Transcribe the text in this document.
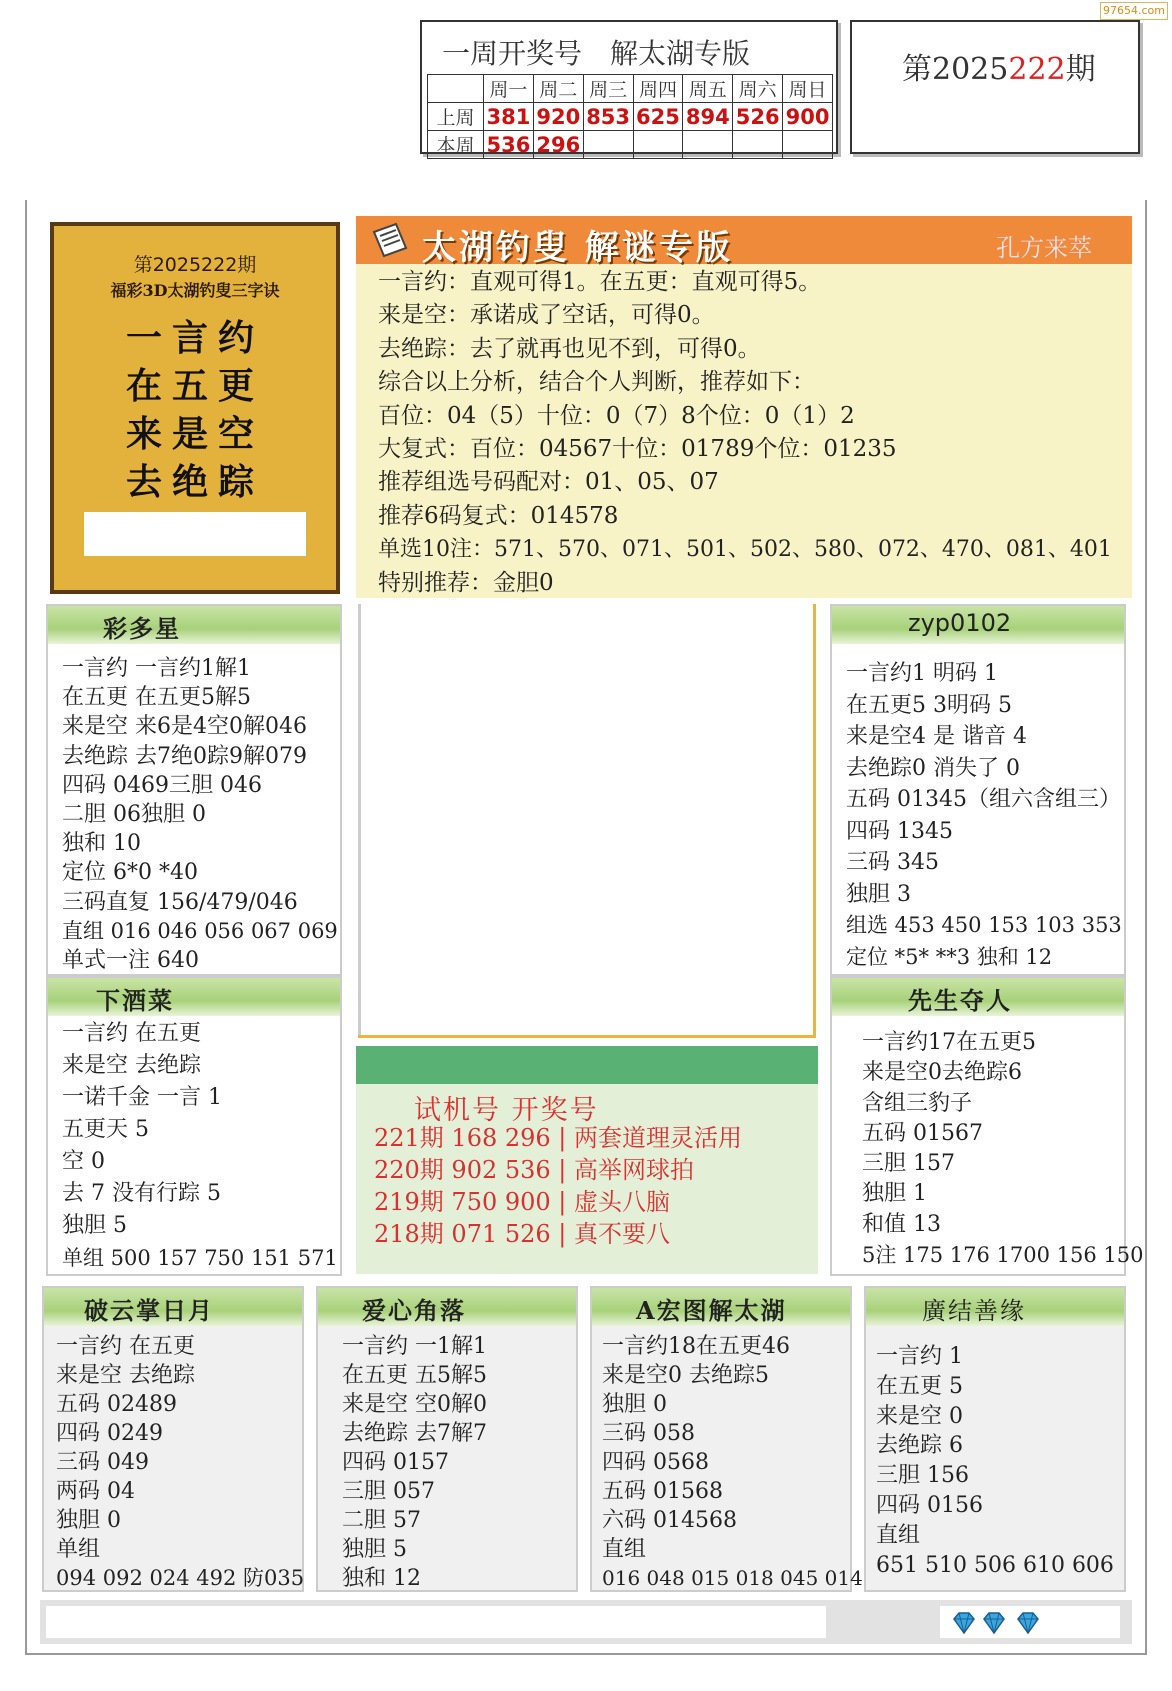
97654.com
一周开奖号　解太湖专版
	周一	周二	周三	周四	周五	周六	周日
上周	381	920	853	625	894	526	900
本周	536	296					
第2025222期
第2025222期
福彩3D太湖钓叟三字诀
一言约
在五更
来是空
去绝踪
太湖钓叟 解谜专版	孔方来萃
一言约：直观可得1。在五更：直观可得5。
来是空：承诺成了空话，可得0。
去绝踪：去了就再也见不到，可得0。
综合以上分析，结合个人判断，推荐如下：
百位：04（5）十位：0（7）8个位：0（1）2
大复式：百位：04567十位：01789个位：01235
推荐组选号码配对：01、05、07
推荐6码复式：014578
单选10注：571、570、071、501、502、580、072、470、081、401
特别推荐：金胆0
彩多星
一言约 一言约1解1
在五更 在五更5解5
来是空 来6是4空0解046
去绝踪 去7绝0踪9解079
四码 0469三胆 046
二胆 06独胆 0
独和 10
定位 6*0 *40
三码直复 156/479/046
直组 016 046 056 067 069
单式一注 640
zyp0102
一言约1 明码 1
在五更5 3明码 5
来是空4 是 谐音 4
去绝踪0 消失了 0
五码 01345（组六含组三）
四码 1345
三码 345
独胆 3
组选 453 450 153 103 353
定位 *5* **3 独和 12
下酒菜
一言约 在五更
来是空 去绝踪
一诺千金 一言 1
五更天 5
空 0
去 7 没有行踪 5
独胆 5
单组 500 157 750 151 571
试机号 开奖号
221期 168 296 | 两套道理灵活用
220期 902 536 | 高举网球拍
219期 750 900 | 虚头八脑
218期 071 526 | 真不要八
先生夺人
一言约17在五更5
来是空0去绝踪6
含组三豹子
五码 01567
三胆 157
独胆 1
和值 13
5注 175 176 1700 156 150
破云掌日月
一言约 在五更
来是空 去绝踪
五码 02489
四码 0249
三码 049
两码 04
独胆 0
单组
094 092 024 492 防035
爱心角落
一言约 一1解1
在五更 五5解5
来是空 空0解0
去绝踪 去7解7
四码 0157
三胆 057
二胆 57
独胆 5
独和 12
A宏图解太湖
一言约18在五更46
来是空0 去绝踪5
独胆 0
三码 058
四码 0568
五码 01568
六码 014568
直组
016 048 015 018 045 014
廣结善缘
一言约 1
在五更 5
来是空 0
去绝踪 6
三胆 156
四码 0156
直组
651 510 506 610 606
